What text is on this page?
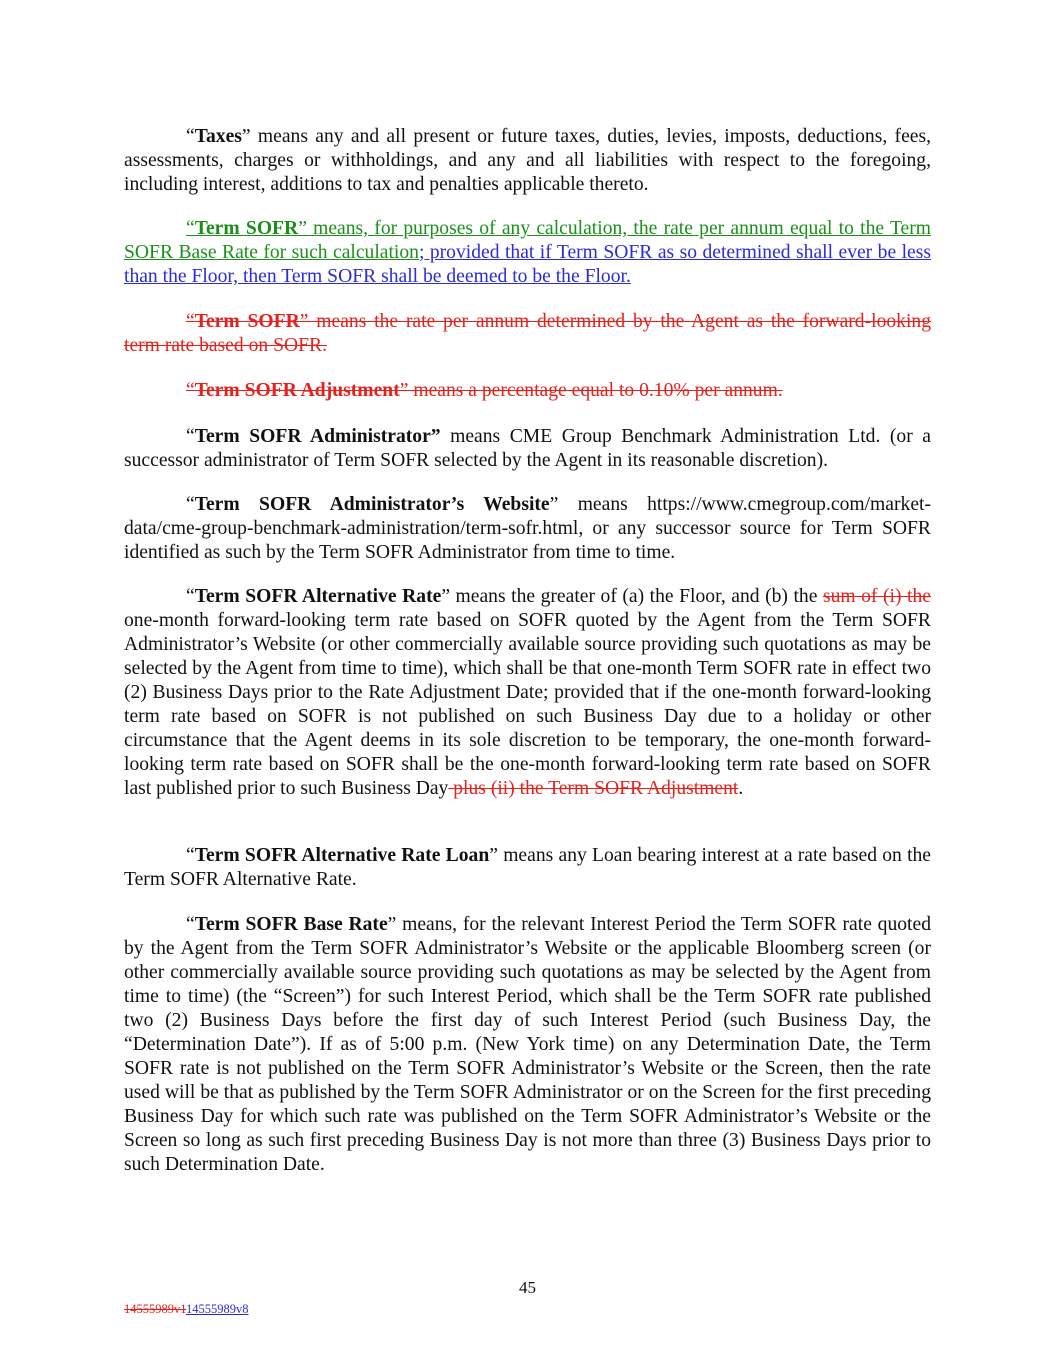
“Taxes” means any and all present or future taxes, duties, levies, imposts, deductions, fees, assessments, charges or withholdings, and any and all liabilities with respect to the foregoing, including interest, additions to tax and penalties applicable thereto.

“Term SOFR” means, for purposes of any calculation, the rate per annum equal to the Term SOFR Base Rate for such calculation; provided that if Term SOFR as so determined shall ever be less than the Floor, then Term SOFR shall be deemed to be the Floor.

“Term SOFR” means the rate per annum determined by the Agent as the forward-looking term rate based on SOFR.

“Term SOFR Adjustment” means a percentage equal to 0.10% per annum.

“Term SOFR Administrator” means CME Group Benchmark Administration Ltd. (or a successor administrator of Term SOFR selected by the Agent in its reasonable discretion).

“Term SOFR Administrator’s Website” means https://www.cmegroup.com/market-data/cme-group-benchmark-administration/term-sofr.html, or any successor source for Term SOFR identified as such by the Term SOFR Administrator from time to time.

“Term SOFR Alternative Rate” means the greater of (a) the Floor, and (b) the sum of (i) the one-month forward-looking term rate based on SOFR quoted by the Agent from the Term SOFR Administrator’s Website (or other commercially available source providing such quotations as may be selected by the Agent from time to time), which shall be that one-month Term SOFR rate in effect two (2) Business Days prior to the Rate Adjustment Date; provided that if the one-month forward-looking term rate based on SOFR is not published on such Business Day due to a holiday or other circumstance that the Agent deems in its sole discretion to be temporary, the one-month forward-looking term rate based on SOFR shall be the one-month forward-looking term rate based on SOFR last published prior to such Business Day plus (ii) the Term SOFR Adjustment.

“Term SOFR Alternative Rate Loan” means any Loan bearing interest at a rate based on the Term SOFR Alternative Rate.

“Term SOFR Base Rate” means, for the relevant Interest Period the Term SOFR rate quoted by the Agent from the Term SOFR Administrator’s Website or the applicable Bloomberg screen (or other commercially available source providing such quotations as may be selected by the Agent from time to time) (the “Screen”) for such Interest Period, which shall be the Term SOFR rate published two (2) Business Days before the first day of such Interest Period (such Business Day, the “Determination Date”). If as of 5:00 p.m. (New York time) on any Determination Date, the Term SOFR rate is not published on the Term SOFR Administrator’s Website or the Screen, then the rate used will be that as published by the Term SOFR Administrator or on the Screen for the first preceding Business Day for which such rate was published on the Term SOFR Administrator’s Website or the Screen so long as such first preceding Business Day is not more than three (3) Business Days prior to such Determination Date.

45
14555989v114555989v8
